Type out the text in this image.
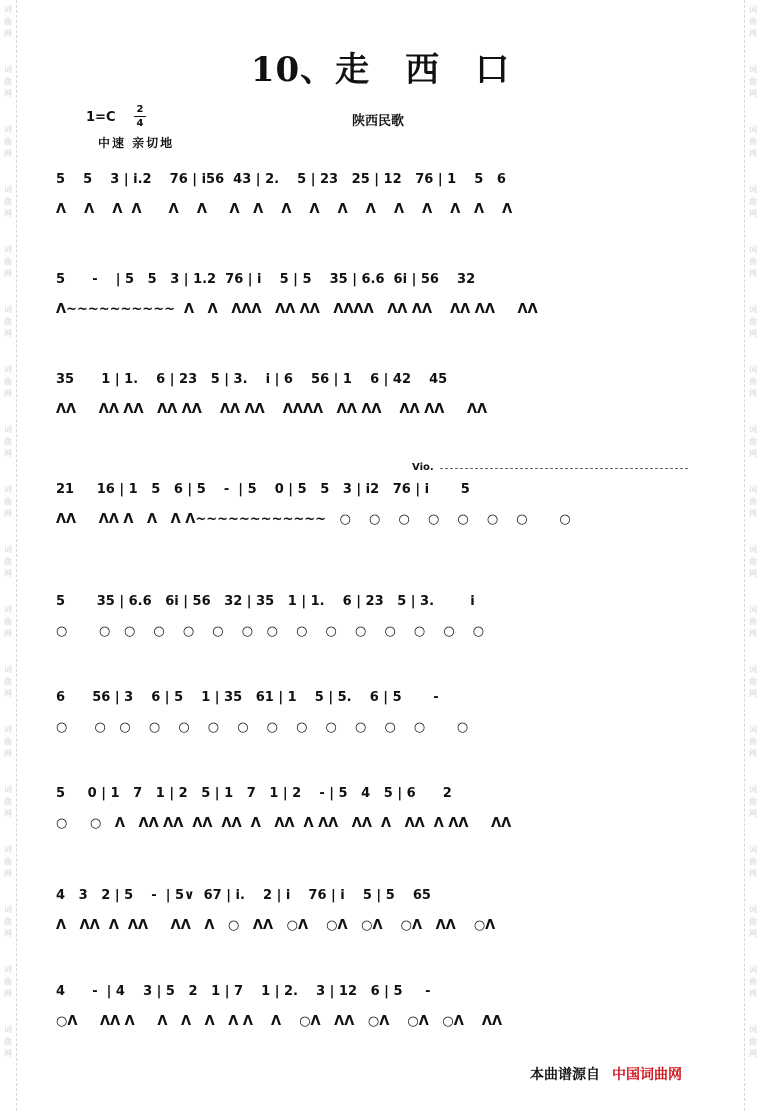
词
曲
网
词
曲
网
词
曲
网
词
曲
网
词
曲
网
词
曲
网
词
曲
网
词
曲
网
词
曲
网
词
曲
网
词
曲
网
词
曲
网
词
曲
网
词
曲
网
词
曲
网
词
曲
网
词
曲
网
词
曲
网
词
曲
网
词
曲
网
词
曲
网
词
曲
网
词
曲
网
词
曲
网
词
曲
网
词
曲
网
词
曲
网
词
曲
网
词
曲
网
词
曲
网
词
曲
网
词
曲
网
词
曲
网
词
曲
网
词
曲
网
词
曲
网
10、走　西　口
1=C
2
4
中速 亲切地
陕西民歌
Vio.
5    5    3 | i.2    76 | i56  43 | 2.    5 | 23   25 | 12   76 | 1    5   6
Λ    Λ    Λ  Λ      Λ    Λ     Λ   Λ    Λ    Λ    Λ    Λ    Λ    Λ    Λ   Λ    Λ
5      -    | 5   5   3 | 1.2  76 | i    5 | 5    35 | 6.6  6i | 56    32
Λ~~~~~~~~~~  Λ   Λ   ΛΛΛ   ΛΛ ΛΛ   ΛΛΛΛ   ΛΛ ΛΛ    ΛΛ ΛΛ     ΛΛ
35      1 | 1.    6 | 23   5 | 3.    i | 6    56 | 1    6 | 42    45
ΛΛ     ΛΛ ΛΛ   ΛΛ ΛΛ    ΛΛ ΛΛ    ΛΛΛΛ   ΛΛ ΛΛ    ΛΛ ΛΛ     ΛΛ
21     16 | 1   5   6 | 5    -  | 5    0 | 5   5   3 | i2   76 | i       5
ΛΛ     ΛΛ Λ   Λ   Λ Λ~~~~~~~~~~~~   ○    ○    ○    ○    ○    ○    ○       ○
5       35 | 6.6   6i | 56   32 | 35   1 | 1.    6 | 23   5 | 3.        i
○       ○   ○    ○    ○    ○    ○   ○    ○    ○    ○    ○    ○    ○    ○
6      56 | 3    6 | 5    1 | 35   61 | 1    5 | 5.    6 | 5       -
○      ○   ○    ○    ○    ○    ○    ○    ○    ○    ○    ○    ○       ○
5     0 | 1   7   1 | 2   5 | 1   7   1 | 2    - | 5   4   5 | 6      2
○     ○   Λ   ΛΛ ΛΛ  ΛΛ  ΛΛ  Λ   ΛΛ  Λ ΛΛ   ΛΛ  Λ   ΛΛ  Λ ΛΛ     ΛΛ
4   3   2 | 5    -  | 5∨  67 | i.    2 | i    76 | i    5 | 5    65
Λ   ΛΛ  Λ  ΛΛ     ΛΛ   Λ   ○   ΛΛ   ○Λ    ○Λ   ○Λ    ○Λ   ΛΛ    ○Λ
4      -  | 4    3 | 5   2   1 | 7    1 | 2.    3 | 12   6 | 5     -
○Λ     ΛΛ Λ     Λ   Λ   Λ   Λ Λ    Λ    ○Λ   ΛΛ   ○Λ    ○Λ   ○Λ    ΛΛ
本曲谱源自 中国词曲网
